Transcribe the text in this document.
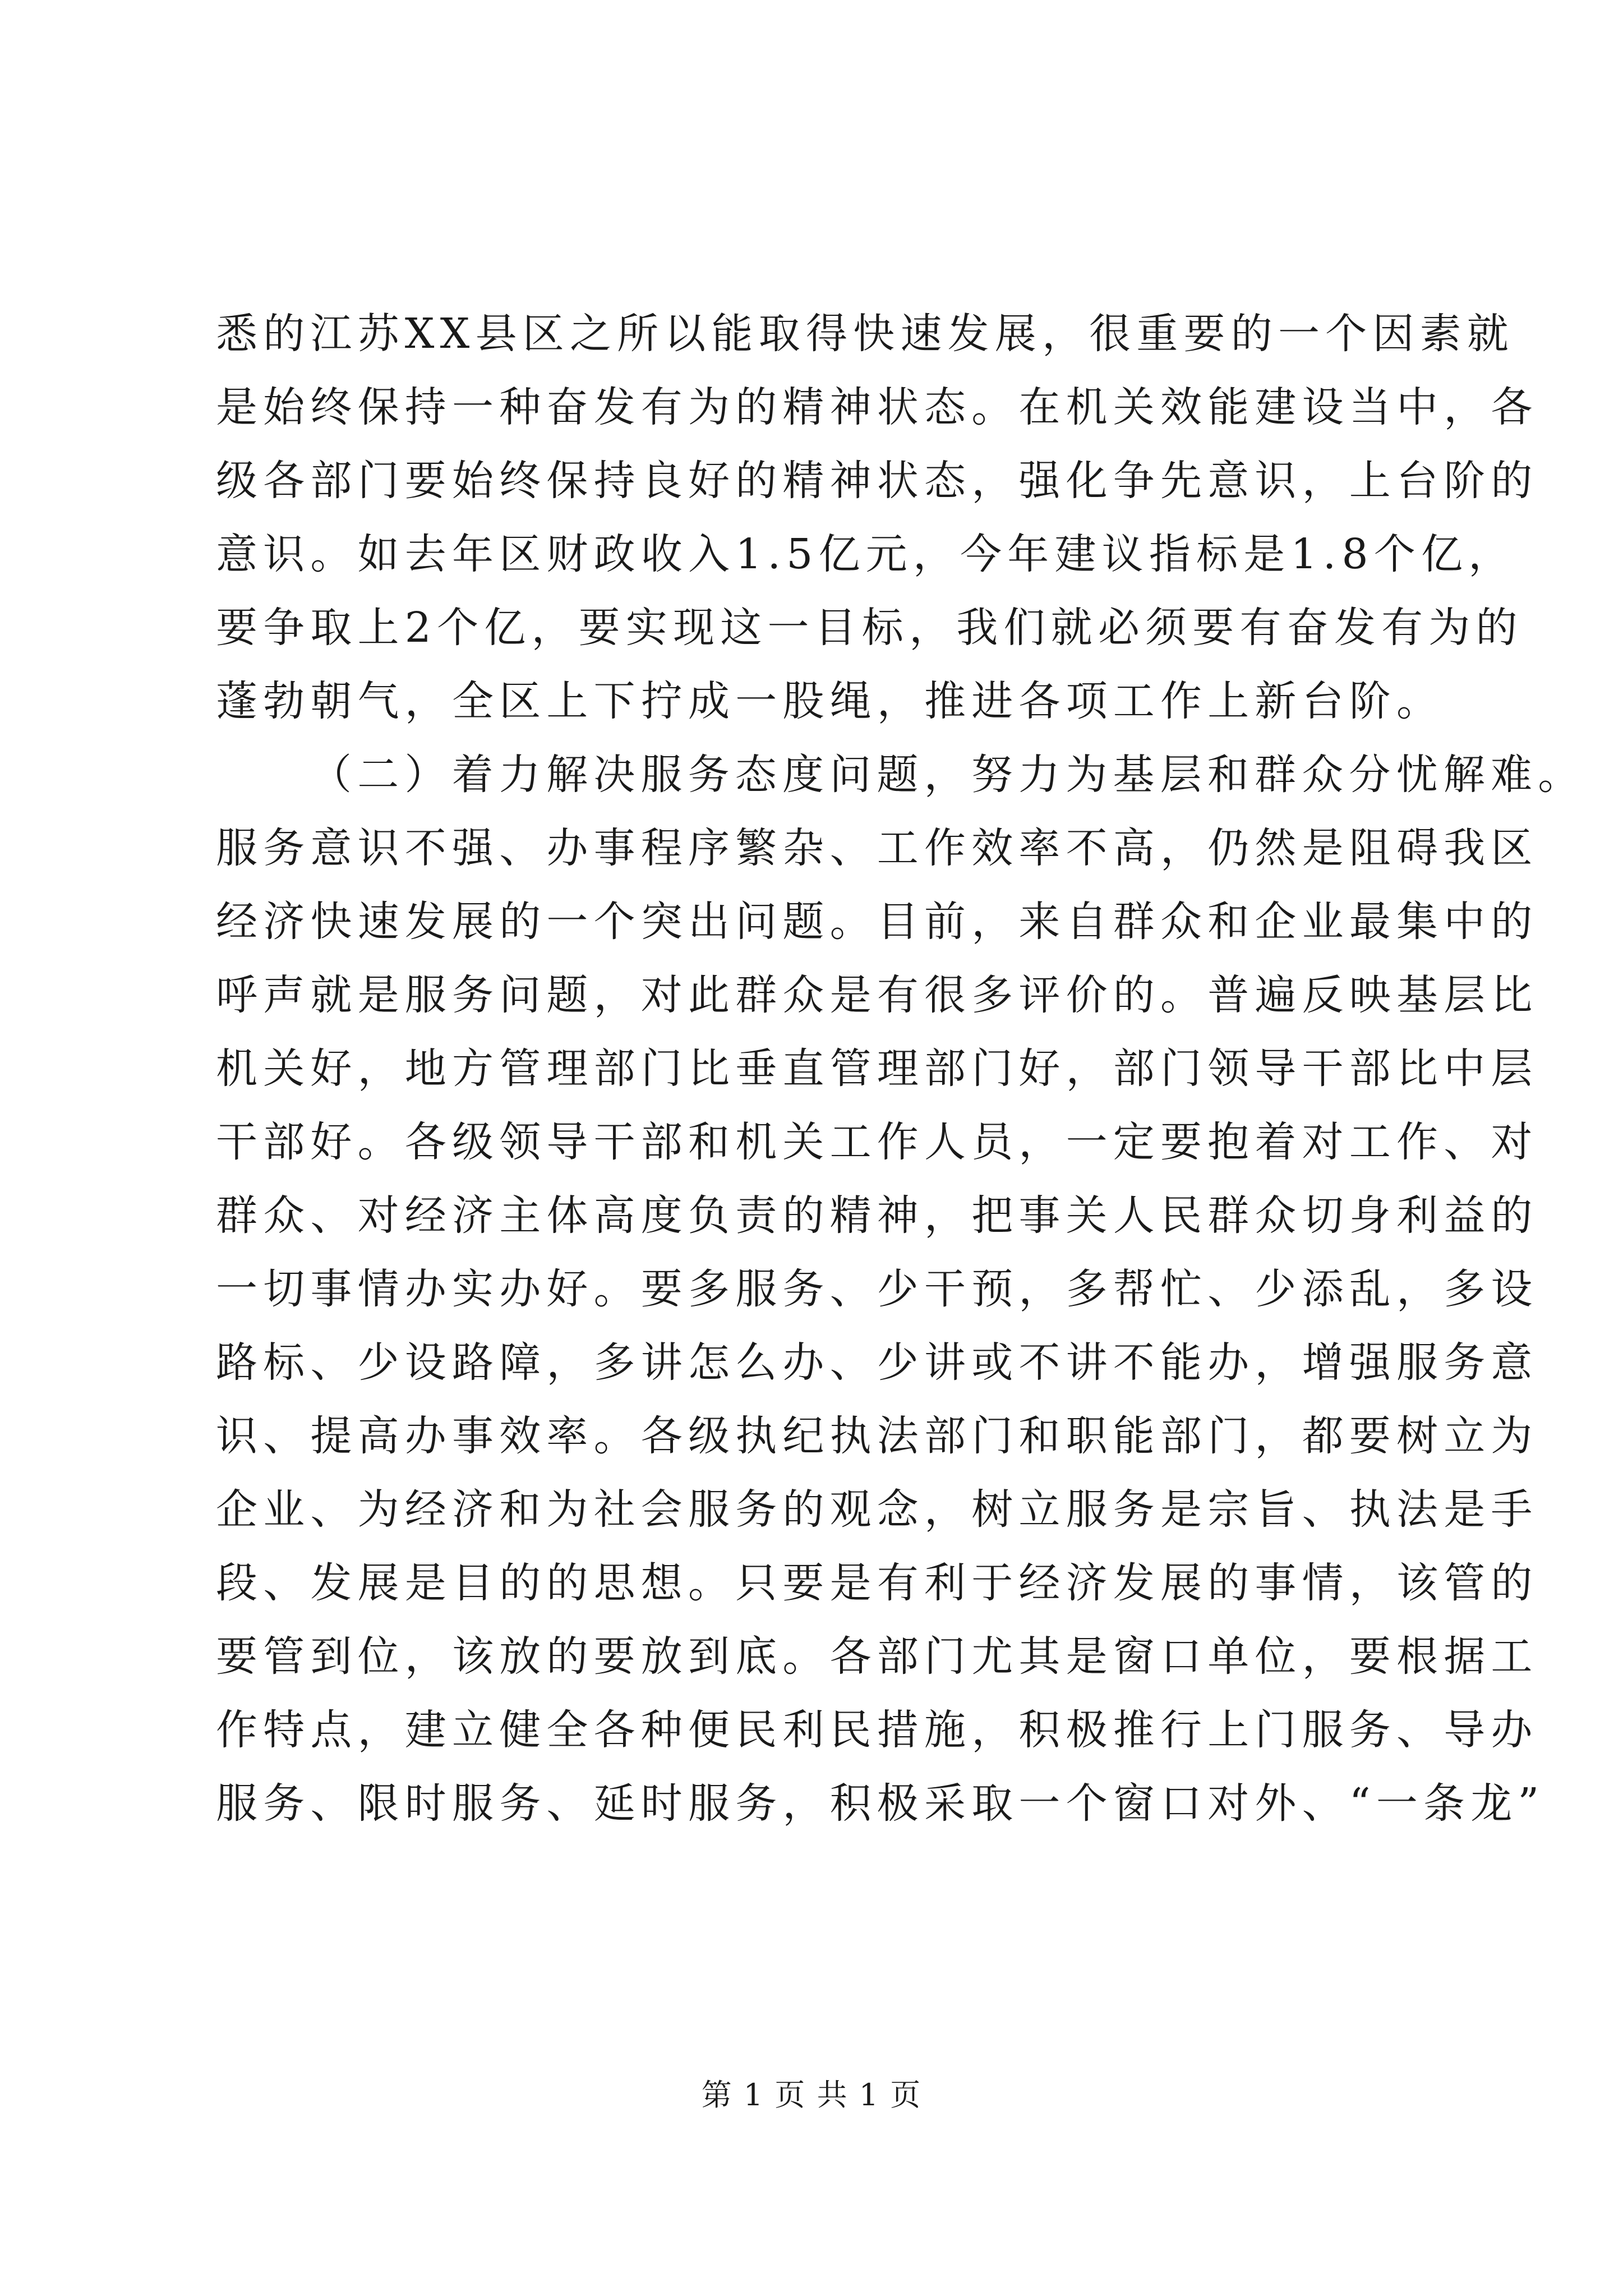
悉的江苏XX县区之所以能取得快速发展，很重要的一个因素就
是始终保持一种奋发有为的精神状态。在机关效能建设当中，各
级各部门要始终保持良好的精神状态，强化争先意识，上台阶的
意识。如去年区财政收入1.5亿元，今年建议指标是1.8个亿，
要争取上2个亿，要实现这一目标，我们就必须要有奋发有为的
蓬勃朝气，全区上下拧成一股绳，推进各项工作上新台阶。
（二）着力解决服务态度问题，努力为基层和群众分忧解难。
服务意识不强、办事程序繁杂、工作效率不高，仍然是阻碍我区
经济快速发展的一个突出问题。目前，来自群众和企业最集中的
呼声就是服务问题，对此群众是有很多评价的。普遍反映基层比
机关好，地方管理部门比垂直管理部门好，部门领导干部比中层
干部好。各级领导干部和机关工作人员，一定要抱着对工作、对
群众、对经济主体高度负责的精神，把事关人民群众切身利益的
一切事情办实办好。要多服务、少干预，多帮忙、少添乱，多设
路标、少设路障，多讲怎么办、少讲或不讲不能办，增强服务意
识、提高办事效率。各级执纪执法部门和职能部门，都要树立为
企业、为经济和为社会服务的观念，树立服务是宗旨、执法是手
段、发展是目的的思想。只要是有利于经济发展的事情，该管的
要管到位，该放的要放到底。各部门尤其是窗口单位，要根据工
作特点，建立健全各种便民利民措施，积极推行上门服务、导办
服务、限时服务、延时服务，积极采取一个窗口对外、“一条龙”
第 1 页 共 1 页
